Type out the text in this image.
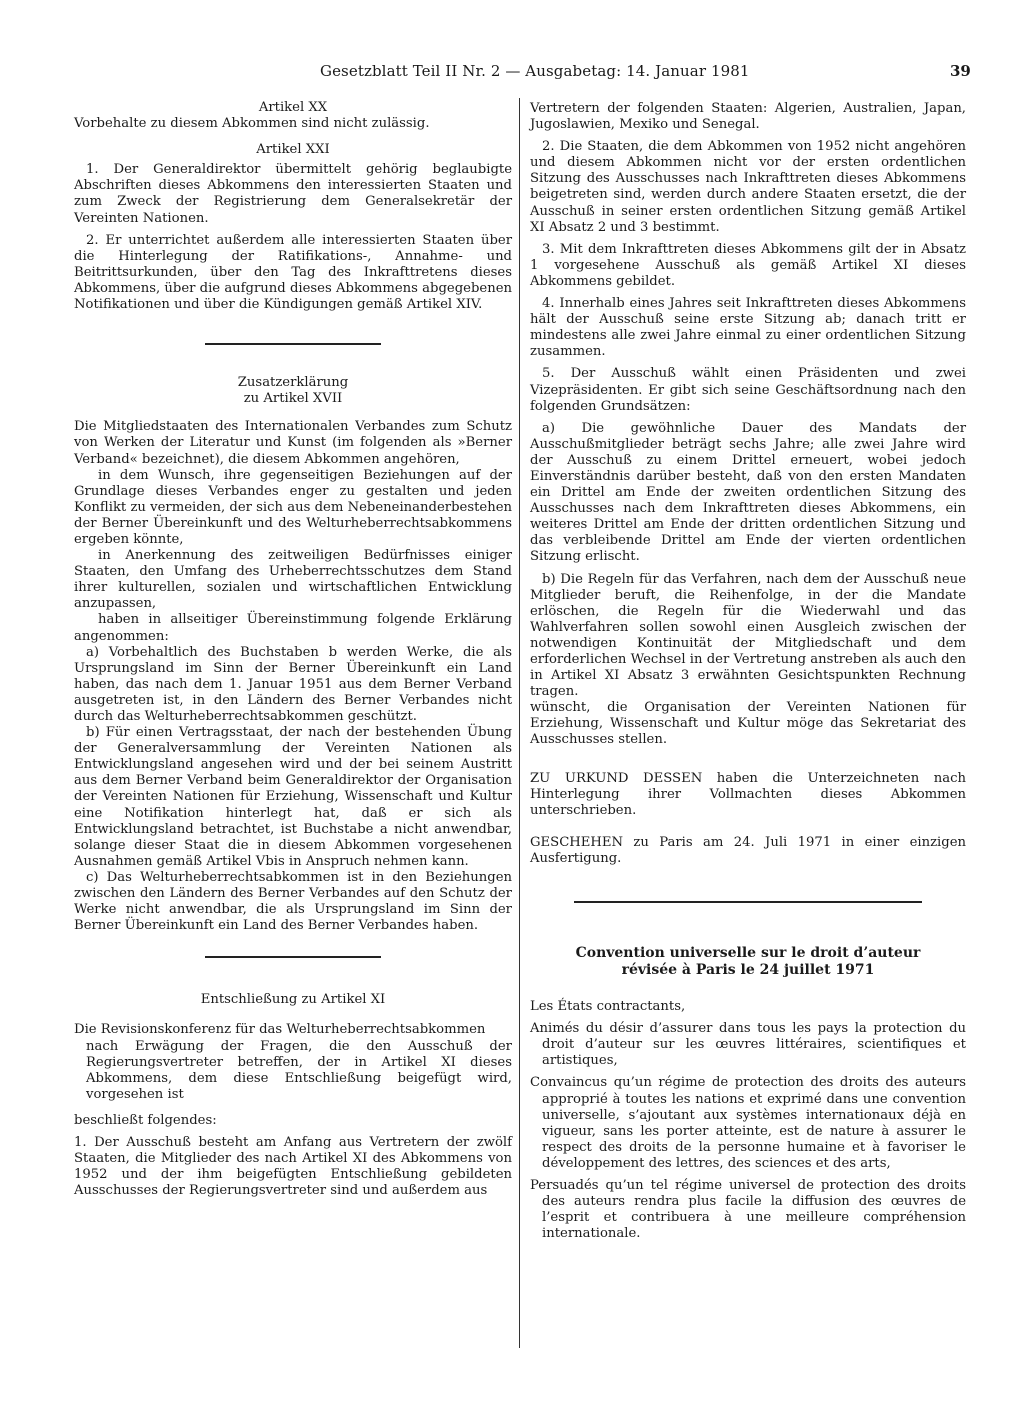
Gesetzblatt Teil II Nr. 2 — Ausgabetag: 14. Januar 1981	39

Artikel XX

Vorbehalte zu diesem Abkommen sind nicht zulässig.

Artikel XXI

1. Der Generaldirektor übermittelt gehörig beglaubigte Abschriften dieses Abkommens den interessierten Staaten und zum Zweck der Registrierung dem Generalsekretär der Vereinten Nationen.

2. Er unterrichtet außerdem alle interessierten Staaten über die Hinterlegung der Ratifikations-, Annahme- und Beitrittsurkunden, über den Tag des Inkrafttretens dieses Abkommens, über die aufgrund dieses Abkommens abgegebenen Notifikationen und über die Kündigungen gemäß Artikel XIV.

Zusatzerklärung

zu Artikel XVII

Die Mitgliedstaaten des Internationalen Verbandes zum Schutz von Werken der Literatur und Kunst (im folgenden als »Berner Verband« bezeichnet), die diesem Abkommen angehören,

in dem Wunsch, ihre gegenseitigen Beziehungen auf der Grundlage dieses Verbandes enger zu gestalten und jeden Konflikt zu vermeiden, der sich aus dem Nebeneinanderbestehen der Berner Übereinkunft und des Welturheberrechtsabkommens ergeben könnte,

in Anerkennung des zeitweiligen Bedürfnisses einiger Staaten, den Umfang des Urheberrechtsschutzes dem Stand ihrer kulturellen, sozialen und wirtschaftlichen Entwicklung anzupassen,

haben in allseitiger Übereinstimmung folgende Erklärung angenommen:

a) Vorbehaltlich des Buchstaben b werden Werke, die als Ursprungsland im Sinn der Berner Übereinkunft ein Land haben, das nach dem 1. Januar 1951 aus dem Berner Verband ausgetreten ist, in den Ländern des Berner Verbandes nicht durch das Welturheberrechtsabkommen geschützt.

b) Für einen Vertragsstaat, der nach der bestehenden Übung der Generalversammlung der Vereinten Nationen als Entwicklungsland angesehen wird und der bei seinem Austritt aus dem Berner Verband beim Generaldirektor der Organisation der Vereinten Nationen für Erziehung, Wissenschaft und Kultur eine Notifikation hinterlegt hat, daß er sich als Entwicklungsland betrachtet, ist Buchstabe a nicht anwendbar, solange dieser Staat die in diesem Abkommen vorgesehenen Ausnahmen gemäß Artikel Vbis in Anspruch nehmen kann.

c) Das Welturheberrechtsabkommen ist in den Beziehungen zwischen den Ländern des Berner Verbandes auf den Schutz der Werke nicht anwendbar, die als Ursprungsland im Sinn der Berner Übereinkunft ein Land des Berner Verbandes haben.

Entschließung zu Artikel XI

Die Revisionskonferenz für das Welturheberrechtsabkommen

nach Erwägung der Fragen, die den Ausschuß der Regierungsvertreter betreffen, der in Artikel XI dieses Abkommens, dem diese Entschließung beigefügt wird, vorgesehen ist

beschließt folgendes:

1. Der Ausschuß besteht am Anfang aus Vertretern der zwölf Staaten, die Mitglieder des nach Artikel XI des Abkommens von 1952 und der ihm beigefügten Entschließung gebildeten Ausschusses der Regierungsvertreter sind und außerdem aus

Vertretern der folgenden Staaten: Algerien, Australien, Japan, Jugoslawien, Mexiko und Senegal.

2. Die Staaten, die dem Abkommen von 1952 nicht angehören und diesem Abkommen nicht vor der ersten ordentlichen Sitzung des Ausschusses nach Inkrafttreten dieses Abkommens beigetreten sind, werden durch andere Staaten ersetzt, die der Ausschuß in seiner ersten ordentlichen Sitzung gemäß Artikel XI Absatz 2 und 3 bestimmt.

3. Mit dem Inkrafttreten dieses Abkommens gilt der in Absatz 1 vorgesehene Ausschuß als gemäß Artikel XI dieses Abkommens gebildet.

4. Innerhalb eines Jahres seit Inkrafttreten dieses Abkommens hält der Ausschuß seine erste Sitzung ab; danach tritt er mindestens alle zwei Jahre einmal zu einer ordentlichen Sitzung zusammen.

5. Der Ausschuß wählt einen Präsidenten und zwei Vizepräsidenten. Er gibt sich seine Geschäftsordnung nach den folgenden Grundsätzen:

a) Die gewöhnliche Dauer des Mandats der Ausschußmitglieder beträgt sechs Jahre; alle zwei Jahre wird der Ausschuß zu einem Drittel erneuert, wobei jedoch Einverständnis darüber besteht, daß von den ersten Mandaten ein Drittel am Ende der zweiten ordentlichen Sitzung des Ausschusses nach dem Inkrafttreten dieses Abkommens, ein weiteres Drittel am Ende der dritten ordentlichen Sitzung und das verbleibende Drittel am Ende der vierten ordentlichen Sitzung erlischt.

b) Die Regeln für das Verfahren, nach dem der Ausschuß neue Mitglieder beruft, die Reihenfolge, in der die Mandate erlöschen, die Regeln für die Wiederwahl und das Wahlverfahren sollen sowohl einen Ausgleich zwischen der notwendigen Kontinuität der Mitgliedschaft und dem erforderlichen Wechsel in der Vertretung anstreben als auch den in Artikel XI Absatz 3 erwähnten Gesichtspunkten Rechnung tragen.

wünscht, die Organisation der Vereinten Nationen für Erziehung, Wissenschaft und Kultur möge das Sekretariat des Ausschusses stellen.

ZU URKUND DESSEN haben die Unterzeichneten nach Hinterlegung ihrer Vollmachten dieses Abkommen unterschrieben.

GESCHEHEN zu Paris am 24. Juli 1971 in einer einzigen Ausfertigung.

Convention universelle sur le droit d’auteur

révisée à Paris le 24 juillet 1971

Les États contractants,

Animés du désir d’assurer dans tous les pays la protection du droit d’auteur sur les œuvres littéraires, scientifiques et artistiques,

Convaincus qu’un régime de protection des droits des auteurs approprié à toutes les nations et exprimé dans une convention universelle, s’ajoutant aux systèmes internationaux déjà en vigueur, sans les porter atteinte, est de nature à assurer le respect des droits de la personne humaine et à favoriser le développement des lettres, des sciences et des arts,

Persuadés qu’un tel régime universel de protection des droits des auteurs rendra plus facile la diffusion des œuvres de l’esprit et contribuera à une meilleure compréhension internationale.
